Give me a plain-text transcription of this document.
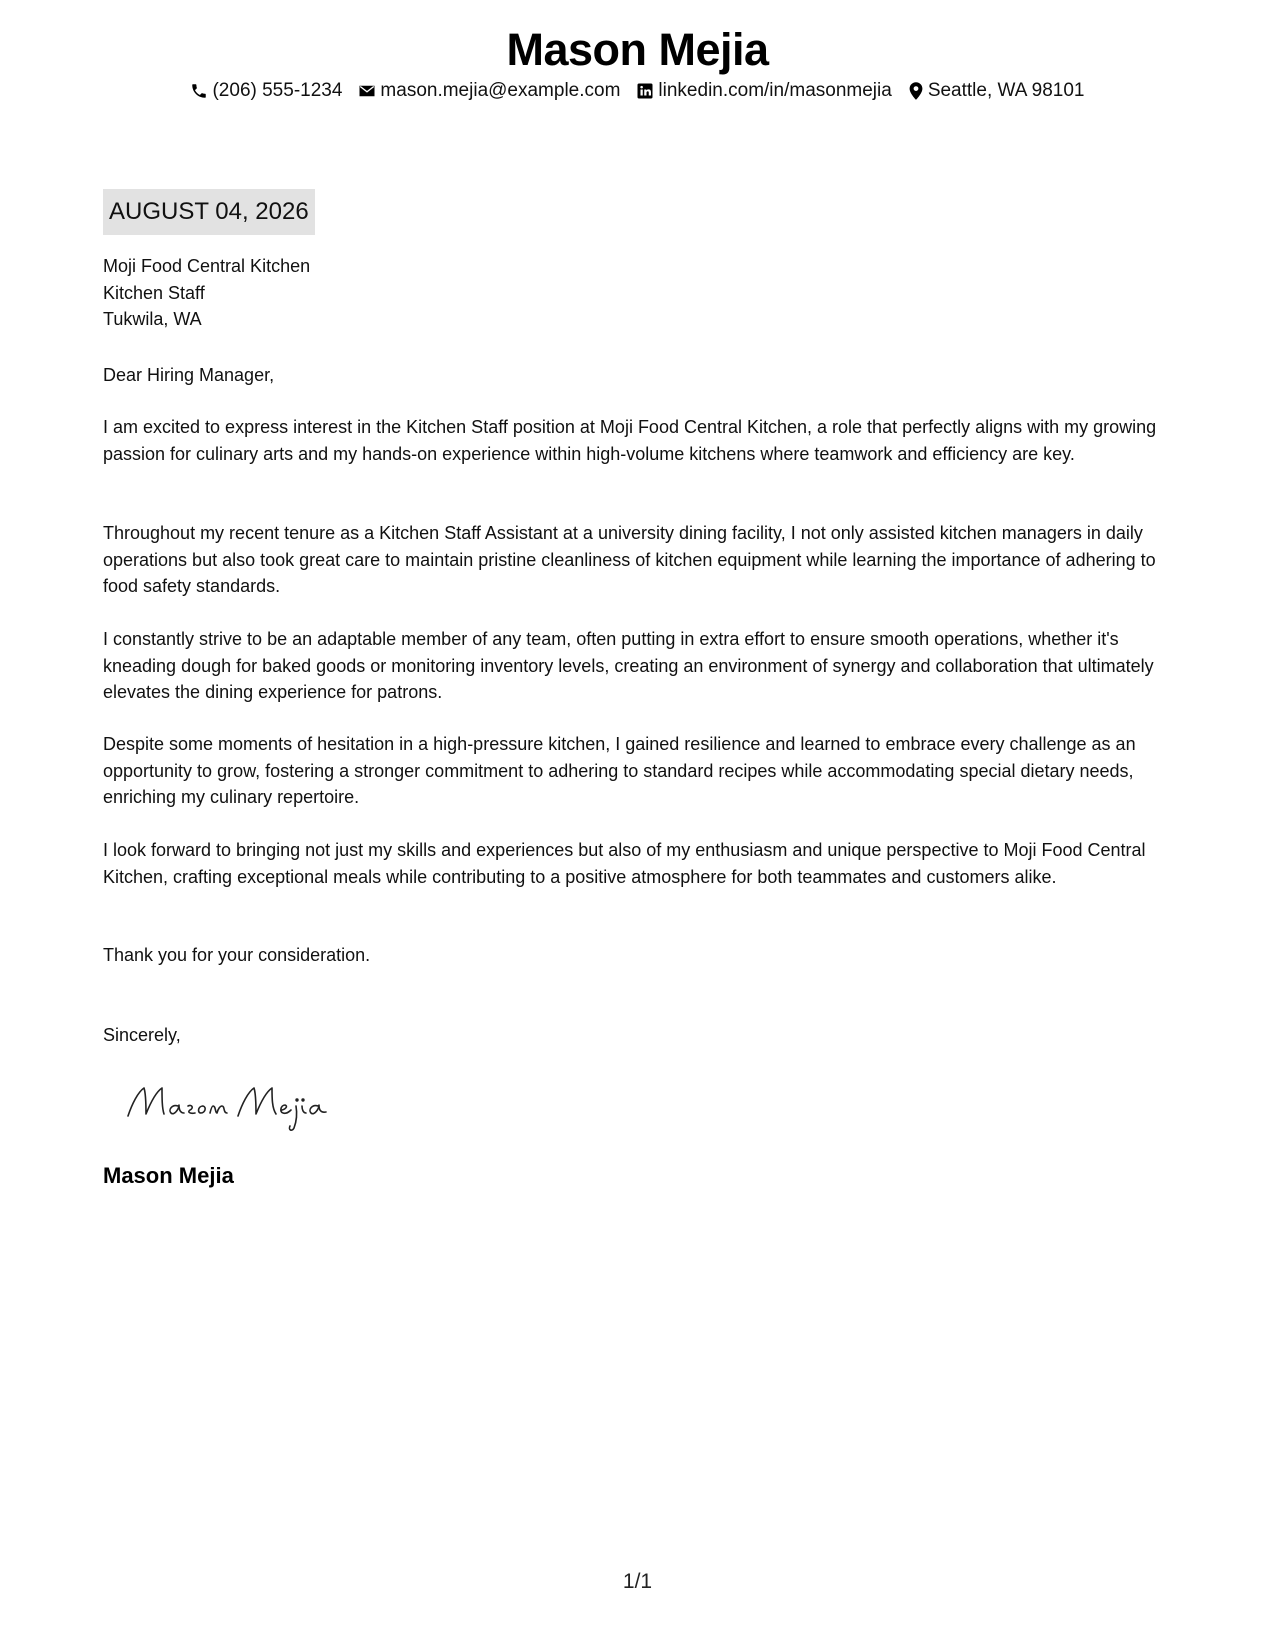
Mason Mejia
(206) 555-1234 mason.mejia@example.com linkedin.com/in/masonmejia Seattle, WA 98101
AUGUST 04, 2026
Moji Food Central Kitchen
Kitchen Staff
Tukwila, WA
Dear Hiring Manager,

I am excited to express interest in the Kitchen Staff position at Moji Food Central Kitchen, a role that perfectly aligns with my growing passion for culinary arts and my hands-on experience within high-volume kitchens where teamwork and efficiency are key.

Throughout my recent tenure as a Kitchen Staff Assistant at a university dining facility, I not only assisted kitchen managers in daily operations but also took great care to maintain pristine cleanliness of kitchen equipment while learning the importance of adhering to food safety standards.

I constantly strive to be an adaptable member of any team, often putting in extra effort to ensure smooth operations, whether it's kneading dough for baked goods or monitoring inventory levels, creating an environment of synergy and collaboration that ultimately elevates the dining experience for patrons.

Despite some moments of hesitation in a high-pressure kitchen, I gained resilience and learned to embrace every challenge as an opportunity to grow, fostering a stronger commitment to adhering to standard recipes while accommodating special dietary needs, enriching my culinary repertoire.

I look forward to bringing not just my skills and experiences but also of my enthusiasm and unique perspective to Moji Food Central Kitchen, crafting exceptional meals while contributing to a positive atmosphere for both teammates and customers alike.

Thank you for your consideration.
Sincerely,
Mason Mejia
1/1
